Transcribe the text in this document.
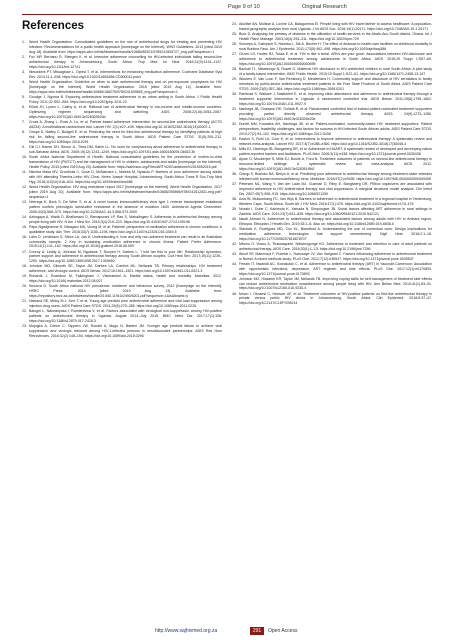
Page 9 of 10	Original Research
References
1.	World Health Organization. Consolidated guidelines on the use of antiretroviral drugs for treating and preventing HIV infection: Recommendations for a public health approach [homepage on the Internet]. WHO Guidelines. 2013 [cited 2019 Aug 18]. Available from: https://apps.who.int/iris/bitstream/handle/10665/85321/9789241505727_eng.pdf?sequence=1
2.	Fox MP, Berhanu R, Steegen K, et al. Intensive adherence counselling for HIV-infected individuals failing second-line antiretroviral therapy in Johannesburg, South Africa. Trop Med Int Heal. 2016;21(9):1131–1137. https://doi.org/10.1111/tmi.12741
3.	Nieuwkerk PT, Mbuagbaw L, Oprea T, et al. Interventions for enhancing medication adherence. Cochrane Database Syst Rev. 2014;11:1–538. https://doi.org/10.1002/14651858.CD000011.pub4
4.	World Health Organization. Guideline on when to start antiretroviral therapy and on pre-exposure prophylaxis for HIV [homepage on the Internet]. World Health Organization. 2015 [cited 2019 Aug 14]. Available from: https://apps.who.int/iris/bitstream/handle/10665/186275/9789241509565_eng.pdf?sequence=1
5.	Goudge J, Ngoma B. Exploring antiretroviral treatment adherence in an urban setting in South Africa. J Public Health Policy. 2011;32:S52–S64. https://doi.org/10.1057/jphp.2011.22
6.	Elliott JH, Lynen L, Calmy A, et al. Rational use of antiretroviral therapy in low-income and middle-income countries: Optimizing regimen sequencing and switching. AIDS. 2008;22(16):2053–2067. https://doi.org/10.1097/QAD.0b013e328309520d
7.	Cross A, Zhang L, Ross A, Lu, et al. Partner-based adherence intervention for second-line antiretroviral therapy (ACTG A5234): A multinational randomised trial. Lancet HIV. 2(1):e27–e39. https://doi.org/10.1016/S2352-3018(14)00007-1
8.	Onoya D, Nattey C, Budgell E, et al. Predicting the need for third-line antiretroviral therapy by identifying patients at high risk for failing second-line antiretroviral therapy in South Africa. AIDS Patient Care STDS. 31(5):205–212. https://doi.org/10.1089/apc.2016.0291
9.	Gill CJ, Hamer DH, Simon JL, Thea DM, Sabin LL. No room for complacency about adherence to antiretroviral therapy in sub-Saharan Africa. AIDS. 2005;19(12):1243–1249. https://doi.org/10.1097/01.aids.0000180094.04652.3b
10. South Africa National Department of Health. National consolidated guidelines for the prevention of mother-to-child transmission of HIV (PMTCT) and the management of HIV in children, adolescents and adults [homepage on the Internet]. Health Policy. 2015 [cited 2019 Aug 20]. Available from: https://sahivsoc.org/Files/ART%20Guidelines%2015052015.pdf
11. Nsimba Masa MV, Groothuis C, Guse D, McNamara L, Maleka M, Nyasulu P. Barriers of poor adherence among adults with HIV attending Themba Lethu HIV Clinic, Helen Joseph Hospital, Johannesburg, South Africa. Trans R Soc Trop Med Hyg. 2016;110(10):616–624. https://doi.org/10.1093/trstmh/trw066
12. World Health Organization. HIV drug resistance report 2017 [homepage on the Internet]. World Health Organization. 2017 [cited 2019 Aug 20]. Available from: https://apps.who.int/iris/bitstream/handle/10665/255896/9789241512831-eng.pdf?sequence=1
13. Heeregs K, Bock S, De Weer S, et al. A novel human immunodeficiency virus type 1 reverse transcriptase mutational pattern confers phenotypic lamivudine resistance in the absence of mutation 184V. Antimicrob Agents Chemother. 2000;44(3):568–573. https://doi.org/10.1128/AAC.44.3.568-573.2000
14. Azhogaya A, Wadb D, Bhallamani O, Ramapurani LP, Ras S, Mahalingam S. Adherence to antiretroviral therapy among people living with HIV. N Am J Med Sci. 2015;3(4):219–223. https://doi.org/10.4103/1947-2714.109196
15. Papo-Ngadjeumne N, Ntangaru MA, Vuong M, et al. Patients' perspective of medication adherence in chronic conditions: A qualitative study. Adv Ther. 2016;33(7):1180–1198. https://doi.org/10.1007/s12325-016-0349-5
16. Lahn D, Lenchiazo S, Steve LA, Jan A. Understanding it, how and why non-adherent treatment can result in an Australian community sample. 2 Key in sustaining medication adherence in chronic illness. Patient Prefer Adherence. 2015;11(1):141–162. https://doi.org/10.1016/j.ypatient.2016.06.009
17. Conroy A, Leddy A, Johnson M, Ngubane T, Rooyen H, Darbes L. 'I told her this is your life': Relationship dynamics, partner support and adherence to antiretroviral therapy among South African couples. Cult Heal Sex. 2017;19(11):1239–1253. https://doi.org/10.1080/13691058.2017.1309460
18. Johnson MO, Dilworth SE, Taylor JM, Darbes LA, Comfort ML, Neilands TB. Primary relationships, HIV treatment adherence, and virologic control. AIDS Behav. 2012;16:1511–1521. https://doi.org/10.1007/s10461-011-0021-3
19. Robards J, Evandrou M, Falkingham J, Vlachantoni A. Marital status, health and mortality. Maturitas. 2012. https://doi.org/10.1016/j.maturitas.2012.08.007
20. Smusva D. South Africa national HIV prevalence, incidence and behaviour survey, 2012 [homepage on the Internet]. HSRC Press. 2014 [cited 2019 Aug 14]. Available from: https://repository.hsrc.ac.za/bitstream/handle/20.500.11910/2490/8201.pdf?sequence=1&isAllowed=y
21. Haeland SE, Milloy M-J, Kerr T, et al. Young age predicts poor antiretroviral adherence and viral load suppression among injection drug users. AIDS Patient Care STDS. 2011;25(5):279–285. https://doi.org/10.1089/apc.2011.0226
22. Balogei L, Naimanyosa I, Rumlentvwa V, et al. Factors associated with virological non-suppression among HIV-positive patients on antiretroviral therapy in Uganda, August 2014–July 2015. BMC Infect Dis. 2017;17(1):326. https://doi.org/10.1186/s12879-017-2428-3
23. Mujugira A, Celum C, Tappero JW, Ronald A, Mugo N, Baeten JM. Younger age predicts failure to achieve viral suppression and virologic rebound among HIV-1-infected persons in serodiscordant partnerships. AIDS Res Hum Retroviruses. 2016;32(2):148–154. https://doi.org/10.1089/aid.2015.0296
24. Akullise AN, Mulisse A, Lovine CA, Balagumma EI. People living with HIV travel farther to access healthcare: A population-based geographic analysis from rural Uganda. J Int AIDS Soc. 2016;19(1):20171. https://doi.org/10.7448/IAS.19.1.20171
25. Buor D. Analysing the primacy of distance in the utilization of health services in the Ahafo-Ano South district, Ghana. Int J Health Plann Manage. 2003;18(4):293–311. https://doi.org/10.1002/hpm.729
26. Schoeps A, Gabrysch S, Niamba L, Sié A, Becher H. The effect of distance to health-care facilities on childhood mortality in rural Burkina Faso. Am J Epidemiol. 2011;173(5):492–498. https://doi.org/10.1093/aje/kwq386
27. Cluver LD, Hodes RJ, Toska E, et al. 'HIV is like a tsotsi. ARVs are your guns': Associations between HIV-disclosure and adherence to antiretroviral treatment among adolescents in South Africa. AIDS. 2015;29 Suppl 1:S57–65. https://doi.org/10.1097/QAD.0000000000000695
28. Bachall TL, Mbawungo N, Ruwel O. Maternal HIV disclosure to HIV-uninfected children in rural South Africa: A pilot study of a family-based intervention. BMC Public Health. 2015;15 Suppl 1:S22–61. https://doi.org/10.1186/1471-2458-13-147
29. Wouters E, Van Loon F, Van Rensburg D, Meulemans H. Community support and disclosure of HIV serostatus to family members by public-sector antiretroviral treatment patients in the Free State Province of South Africa. AIDS Patient Care STDS. 2009;23(5):357–364. https://doi.org/10.1089/apc.2008.0201
30. Ramtosa S, Wallace J, Naidukhel E, et al. Improving clinic attendance and adherence to antiretroviral therapy through a treatment supporter intervention in Uganda: A randomized controlled trial. AIDS Behav. 2011;15(8):1795–1802. https://doi.org/10.1007/s10461-011-9927-9
31. Nachega JB, Chaisson RE, Goliath R, et al. Randomized controlled trial of trained patient-nominated treatment supporters providing partial directly observed antiretroviral therapy. AIDS. 24(9):1273–1280. https://doi.org/10.1097/QAD.0b013e328339e20e
32. Dunell MM, Kruwatra AH, Nachega JB, et al. Patient-nominated, community-based HIV treatment supporters: Patient perspectives, feasibility, challenges, and factors for success in HIV-infected South African adults. AIDS Patient Care STDS. 2013;27(2):94–102. https://doi.org/10.1089/apc.2012.0438
33. Easton S, Ruhi LA, Cour K, et al. Interventions to improve adherence to antiretroviral therapy: A systematic review and network meta-analysis. Lancet HIV. 2017;4(7):e288–e300. https://doi.org/10.1016/S2352-3018(17)30048-4
34. Mills EJ, Nachega JB, Bangsberg DR, et al. Adherence to HAART: A systematic review of developed and developing nation patient-reported barriers and facilitators. PLoS Med. 2006;3(11):e438. https://doi.org/10.1371/journal.pmed.0030438
35. Ajose O, Mookerjee S, Mills EJ, Boulle A, Ford N. Treatment outcomes of patients on second-line antiretroviral therapy in resource-limited settings: A systematic review and meta-analysis. AIDS. 2012. https://doi.org/10.1097/QAD.0b013e328351f5b2
36. Chirqp S, Bukinko NA, Beriyo A, et al. Predicting poor adherence to antiretroviral therapy among treatment-naive veterans infected with human immunodeficiency virus. Medicine. 2018;97(2):e9495. https://doi.org/10.1097/MD.0000000000009495
37. Petersen ML, Wang Y, Van der Laan MJ, Guzman D, Riley E, Bangsberg DR. Pillbox organizers are associated with improved adherence to HIV antiretroviral therapy and viral suppression: A marginal structural model analysis. Clin Infect Dis. 2007;45(7):908–915. https://doi.org/10.1086/521250
38. Azia IN, Mukumbang FC, Van Wyk B. Barriers to adherence to antiretroviral treatment in a regional hospital in Vredenburg, Western Cape, South Africa. South Afr J HIV Med. 2016;17(1):476. https://doi.org/10.4102/sajhivmed.v17i1.476
39. Nozaki I, Dube C, Kakimoto K, Yamada N, Simpungwe JB. Social factors affecting ART adherence in rural settings in Zambia. AIDS Care. 2011;23(7):831–838. https://doi.org/10.1080/09540121.2010.542121
40. Nacdi Ahmari N. Adherence to antiretroviral therapy and associated factors among adults with HIV in Amhara region, Ethiopia. Ethiopian J Health Dev. 2019;33:1–6. Also on: https://doi.org/10.1186/s12889-019-6838-0
41. Stanistic K, Rodriguez MD, Cox KL, Blandford A. Understanding the use of contextual cues: Design implications for medication adherence technologies that support remembering. Digit Heal. 2016;2:1–18. https://doi.org/10.1177/2055207616678707
42. Mbonu O, Vosoo A, Thaswagunle. Nikwinogonge KO. Adherence to treatment and retention to care of adult patients on antiretroviral therapy. AIDS Care. 2018;30(1):1–13. https://doi.org/10.2196/jmir.7256
43. Woolf SF, Mahmoud F, Pucefar L, Haruwaye JV, Van Varlgand C. Factors influencing adherence to antiretroviral treatment in Nnewi: A mixed methods study. PLoS One. 2012;7(12):e35547. https://doi.org/10.1371/journal.pone.0035547
44. Feeain IT, Nwanidi AC, Kowalczuk C, et al. Adherence to antiretroviral therapy (ART) in Yaoundé-Cameroon: Association with opportunistic infections, depression, ART regimen and side effects. PLoS One. 2017;12(1):e0170893. https://doi.org/10.1371/journal.pone.0170893
45. Johnson MO, Hiraarne ER, Taylor JM, Neilands TB. Improving coping skills for self-management of treatment side effects can reduce antiretroviral medication nonadherence among people living with HIV. Ann Behav Med. 2010;41(1):83–91. https://doi.org/10.1007/s12160-010-9230-4
46. Mowo I, Okosesi C, Heescer AF, et al. Treatment outcomes of HIV-positive patients on first-line antiretroviral therapy in private versus public HIV clinics in Johannesburg, South Africa. Clin Epidemiol. 2018;8:37–47. https://doi.org/10.2147/CLEP.S93014
http://www.sajhivmed.org.za	291	Open Access
